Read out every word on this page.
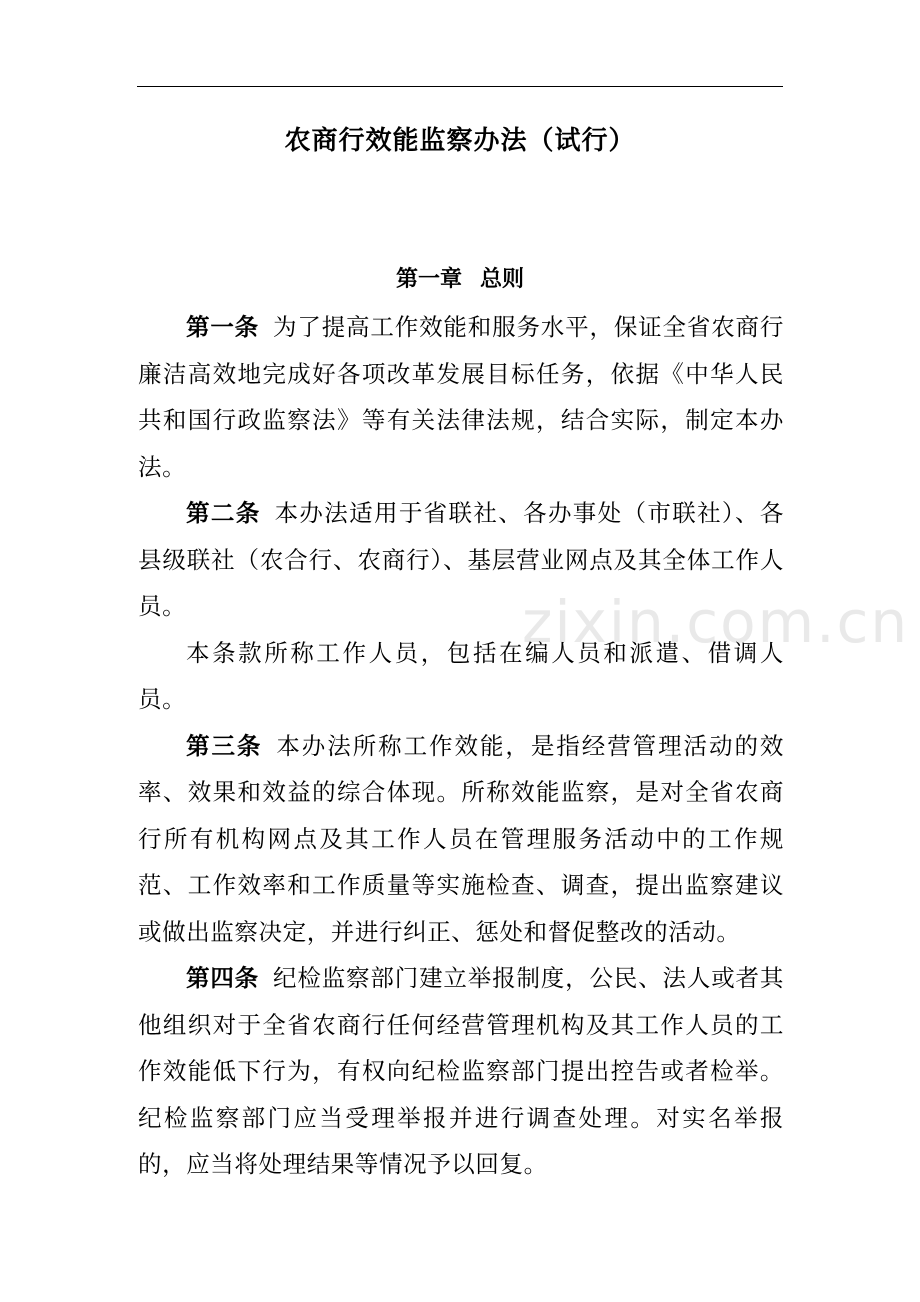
农商行效能监察办法（试行）
第一章 总则
zixin.com.cn

第一条 为了提高工作效能和服务水平，保证全省农商行廉洁高效地完成好各项改革发展目标任务，依据《中华人民共和国行政监察法》等有关法律法规，结合实际，制定本办法。

第二条 本办法适用于省联社、各办事处（市联社）、各县级联社（农合行、农商行）、基层营业网点及其全体工作人员。

本条款所称工作人员，包括在编人员和派遣、借调人员。

第三条 本办法所称工作效能，是指经营管理活动的效率、效果和效益的综合体现。所称效能监察，是对全省农商行所有机构网点及其工作人员在管理服务活动中的工作规范、工作效率和工作质量等实施检查、调查，提出监察建议或做出监察决定，并进行纠正、惩处和督促整改的活动。

第四条 纪检监察部门建立举报制度，公民、法人或者其他组织对于全省农商行任何经营管理机构及其工作人员的工作效能低下行为，有权向纪检监察部门提出控告或者检举。纪检监察部门应当受理举报并进行调查处理。对实名举报的，应当将处理结果等情况予以回复。
